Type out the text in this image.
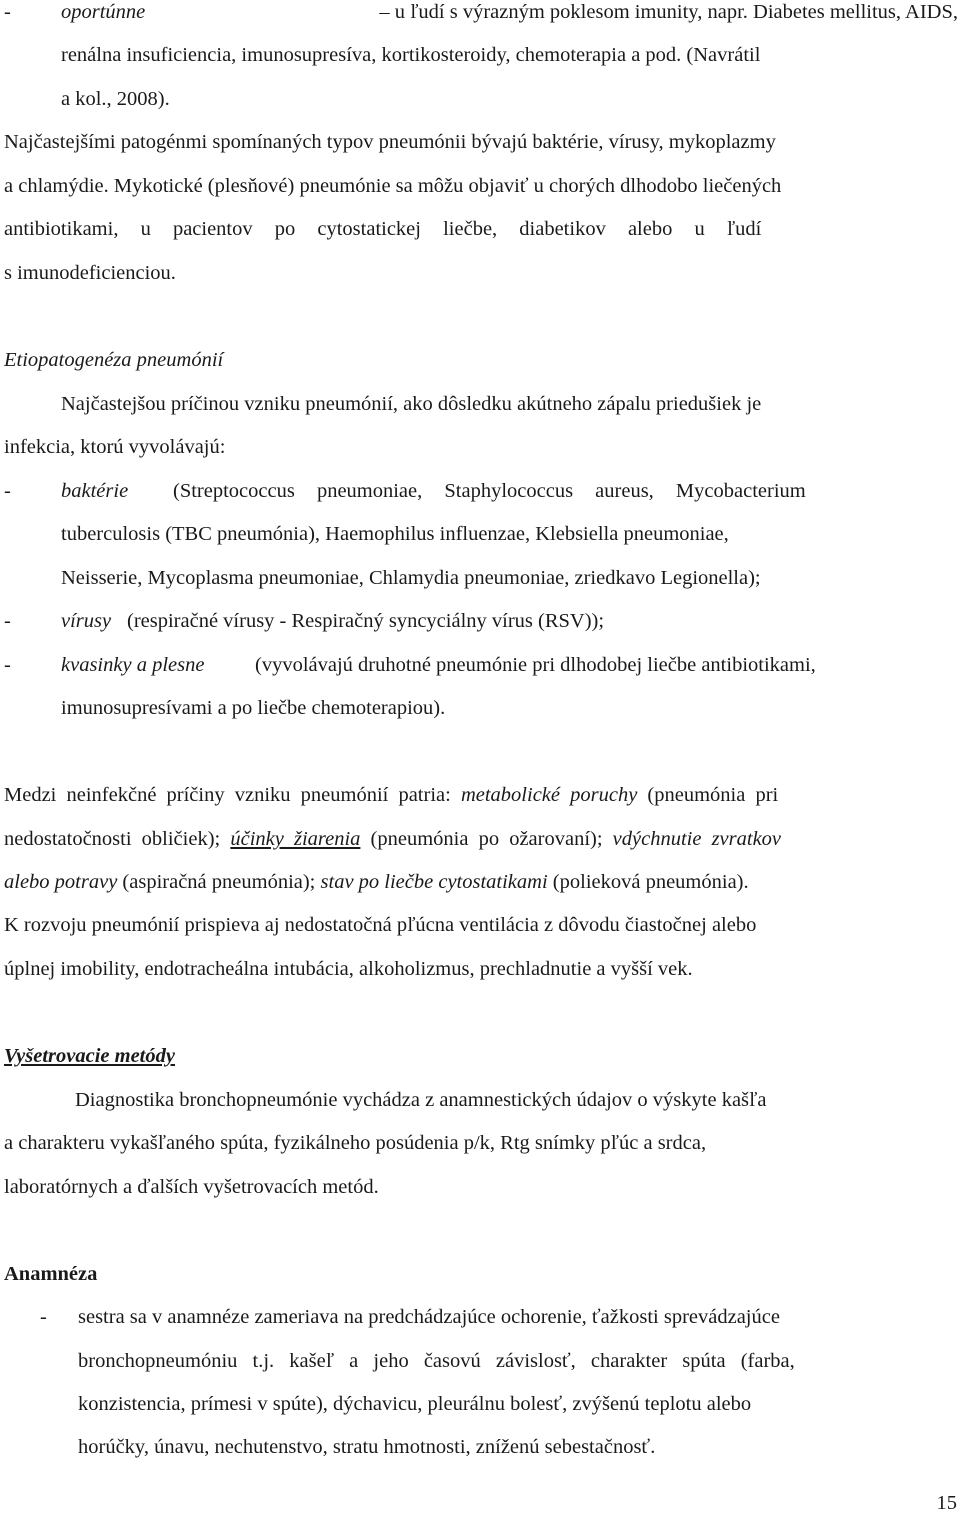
- oportúnne	– u ľudí s výrazným poklesom imunity, napr. Diabetes mellitus, AIDS,
renálna insuficiencia, imunosupresíva, kortikosteroidy, chemoterapia a pod. (Navrátil
a kol., 2008).
Najčastejšími patogénmi spomínaných typov pneumónii bývajú baktérie, vírusy, mykoplazmy
a chlamýdie. Mykotické (plesňové) pneumónie sa môžu objaviť u chorých dlhodobo liečených
antibiotikami, u pacientov po cytostatickej liečbe, diabetikov alebo u ľudí
s imunodeficienciou.
Etiopatogenéza pneumónií
Najčastejšou príčinou vzniku pneumónií, ako dôsledku akútneho zápalu priedušiek je
infekcia, ktorú vyvolávajú:
- baktérie (Streptococcus pneumoniae, Staphylococcus aureus, Mycobacterium
tuberculosis (TBC pneumónia), Haemophilus influenzae, Klebsiella pneumoniae,
Neisserie, Mycoplasma pneumoniae, Chlamydia pneumoniae, zriedkavo Legionella);
- vírusy (respiračné vírusy - Respiračný syncyciálny vírus (RSV));
- kvasinky a plesne (vyvolávajú druhotné pneumónie pri dlhodobej liečbe antibiotikami,
imunosupresívami a po liečbe chemoterapiou).
Medzi neinfekčné príčiny vzniku pneumónií patria: metabolické poruchy (pneumónia pri
nedostatočnosti obličiek); účinky žiarenia (pneumónia po ožarovaní); vdýchnutie zvratkov
alebo potravy (aspiračná pneumónia); stav po liečbe cytostatikami (polieková pneumónia).
K rozvoju pneumónií prispieva aj nedostatočná pľúcna ventilácia z dôvodu čiastočnej alebo
úplnej imobility, endotracheálna intubácia, alkoholizmus, prechladnutie a vyšší vek.
Vyšetrovacie metódy
Diagnostika bronchopneumónie vychádza z anamnestických údajov o výskyte kašľa
a charakteru vykašľaného spúta, fyzikálneho posúdenia p/k, Rtg snímky pľúc a srdca,
laboratórnych a ďalších vyšetrovacích metód.
Anamnéza
- sestra sa v anamnéze zameriava na predchádzajúce ochorenie, ťažkosti sprevádzajúce
bronchopneumóniu t.j. kašeľ a jeho časovú závislosť, charakter spúta (farba,
konzistencia, prímesi v spúte), dýchavicu, pleurálnu bolesť, zvýšenú teplotu alebo
horúčky, únavu, nechutenstvo, stratu hmotnosti, zníženú sebestačnosť.
15
